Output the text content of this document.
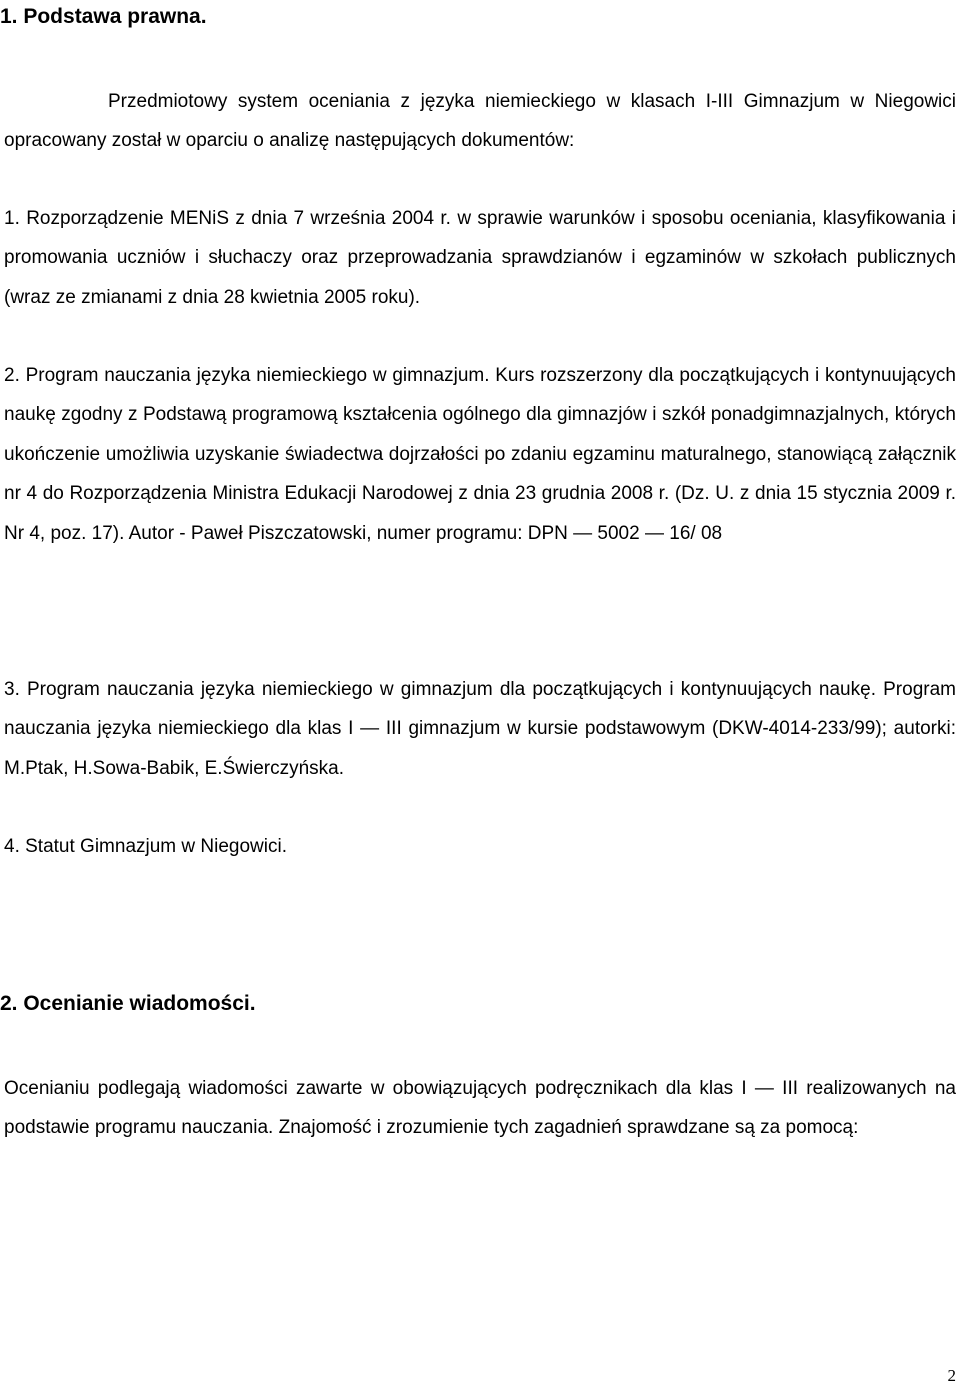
1. Podstawa prawna.

Przedmiotowy system oceniania z języka niemieckiego w klasach I-III Gimnazjum w Niegowici opracowany został w oparciu o analizę następujących dokumentów:

1. Rozporządzenie MENiS z dnia 7 września 2004 r. w sprawie warunków i sposobu oceniania, klasyfikowania i promowania uczniów i słuchaczy oraz przeprowadzania sprawdzianów i egzaminów w szkołach publicznych (wraz ze zmianami z dnia 28 kwietnia 2005 roku).

2. Program nauczania języka niemieckiego w gimnazjum. Kurs rozszerzony dla początkujących i kontynuujących naukę zgodny z Podstawą programową kształcenia ogólnego dla gimnazjów i szkół ponadgimnazjalnych, których ukończenie umożliwia uzyskanie świadectwa dojrzałości po zdaniu egzaminu maturalnego, stanowiącą załącznik nr 4 do Rozporządzenia Ministra Edukacji Narodowej z dnia 23 grudnia 2008 r. (Dz. U. z dnia 15 stycznia 2009 r. Nr 4, poz. 17). Autor - Paweł Piszczatowski, numer programu: DPN — 5002 — 16/ 08

3. Program nauczania języka niemieckiego w gimnazjum dla początkujących i kontynuujących naukę. Program nauczania języka niemieckiego dla klas I — III gimnazjum w kursie podstawowym (DKW-4014-233/99); autorki: M.Ptak, H.Sowa-Babik, E.Świerczyńska.

4. Statut Gimnazjum w Niegowici.

2. Ocenianie wiadomości.

Ocenianiu podlegają wiadomości zawarte w obowiązujących podręcznikach dla klas I — III realizowanych na podstawie programu nauczania. Znajomość i zrozumienie tych zagadnień sprawdzane są za pomocą:

2
